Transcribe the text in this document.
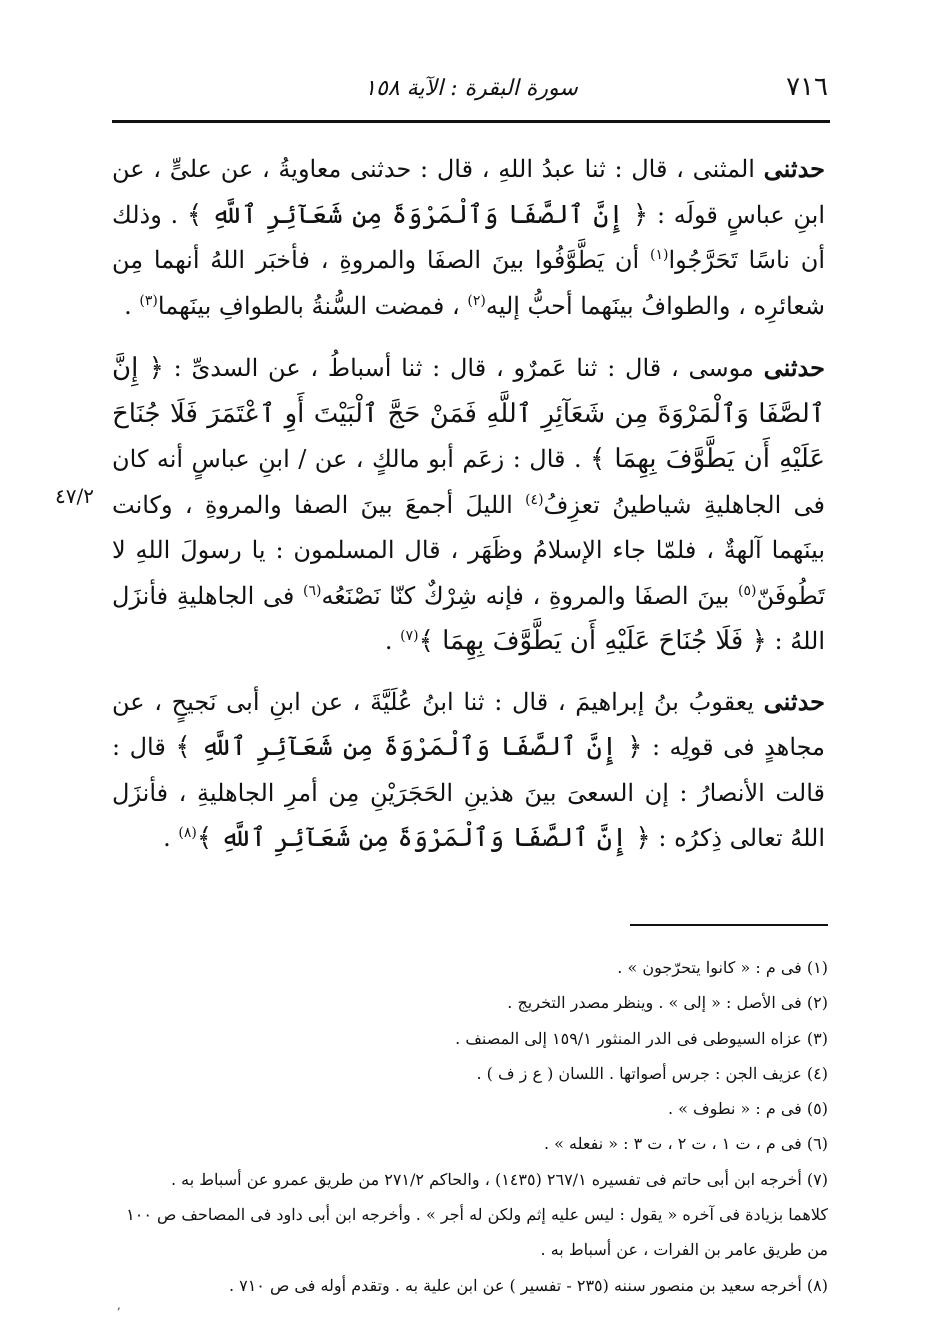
٧١٦
سورة البقرة : الآية ١٥٨
٤٧/٢

حدثنى المثنى ، قال : ثنا عبدُ اللهِ ، قال : حدثنى معاويةُ ، عن علىٍّ ، عن ابنِ عباسٍ قولَه : ﴿ إِنَّ ٱلصَّفَا وَٱلْمَرْوَةَ مِن شَعَآئِرِ ٱللَّهِ ﴾ . وذلك أن ناسًا تَحَرَّجُوا$^{(١)}$ أن يَطَّوَّفُوا بينَ الصفَا والمروةِ ، فأخبَر اللهُ أنهما مِن شعائرِه ، والطوافُ بينَهما أحبُّ إليه$^{(٢)}$ ، فمضت السُّنةُ بالطوافِ بينَهما$^{(٣)}$ .

حدثنى موسى ، قال : ثنا عَمرٌو ، قال : ثنا أسباطُ ، عن السدىِّ : ﴿ إِنَّ ٱلصَّفَا وَٱلْمَرْوَةَ مِن شَعَآئِرِ ٱللَّهِ فَمَنْ حَجَّ ٱلْبَيْتَ أَوِ ٱعْتَمَرَ فَلَا جُنَاحَ عَلَيْهِ أَن يَطَّوَّفَ بِهِمَا ﴾ . قال : زعَم أبو مالكٍ ، عن / ابنِ عباسٍ أنه كان فى الجاهليةِ شياطينُ تعزِفُ$^{(٤)}$ الليلَ أجمعَ بينَ الصفا والمروةِ ، وكانت بينَهما آلهةٌ ، فلمّا جاء الإسلامُ وظَهَر ، قال المسلمون : يا رسولَ اللهِ لا تَطُوفَنّ$^{(٥)}$ بينَ الصفَا والمروةِ ، فإنه شِرْكٌ كنّا نَصْنَعُه$^{(٦)}$ فى الجاهليةِ فأنزَل اللهُ : ﴿ فَلَا جُنَاحَ عَلَيْهِ أَن يَطَّوَّفَ بِهِمَا ﴾$^{(٧)}$ .

حدثنى يعقوبُ بنُ إبراهيمَ ، قال : ثنا ابنُ عُلَيَّةَ ، عن ابنِ أبى نَجيحٍ ، عن مجاهدٍ فى قولِه : ﴿ إِنَّ ٱلصَّفَا وَٱلْمَرْوَةَ مِن شَعَآئِرِ ٱللَّهِ ﴾ قال : قالت الأنصارُ : إن السعىَ بينَ هذينِ الحَجَرَيْنِ مِن أمرِ الجاهليةِ ، فأنزَل اللهُ تعالى ذِكرُه : ﴿ إِنَّ ٱلصَّفَا وَٱلْمَرْوَةَ مِن شَعَآئِرِ ٱللَّهِ ﴾$^{(٨)}$ .

(١) فى م : « كانوا يتحرّجون » .

(٢) فى الأصل : « إلى » . وينظر مصدر التخريج .

(٣) عزاه السيوطى فى الدر المنثور ١٥٩/١ إلى المصنف .

(٤) عزيف الجن : جرس أصواتها . اللسان ( ع ز ف ) .

(٥) فى م : « نطوف » .

(٦) فى م ، ت ١ ، ت ٢ ، ت ٣ : « نفعله » .

(٧) أخرجه ابن أبى حاتم فى تفسيره ٢٦٧/١ (١٤٣٥) ، والحاكم ٢٧١/٢ من طريق عمرو عن أسباط به .

كلاهما بزيادة فى آخره « يقول : ليس عليه إثم ولكن له أجر » . وأخرجه ابن أبى داود فى المصاحف ص ١٠٠

من طريق عامر بن الفرات ، عن أسباط به .

(٨) أخرجه سعيد بن منصور سننه (٢٣٥ - تفسير ) عن ابن علية به . وتقدم أوله فى ص ٧١٠ .

,
